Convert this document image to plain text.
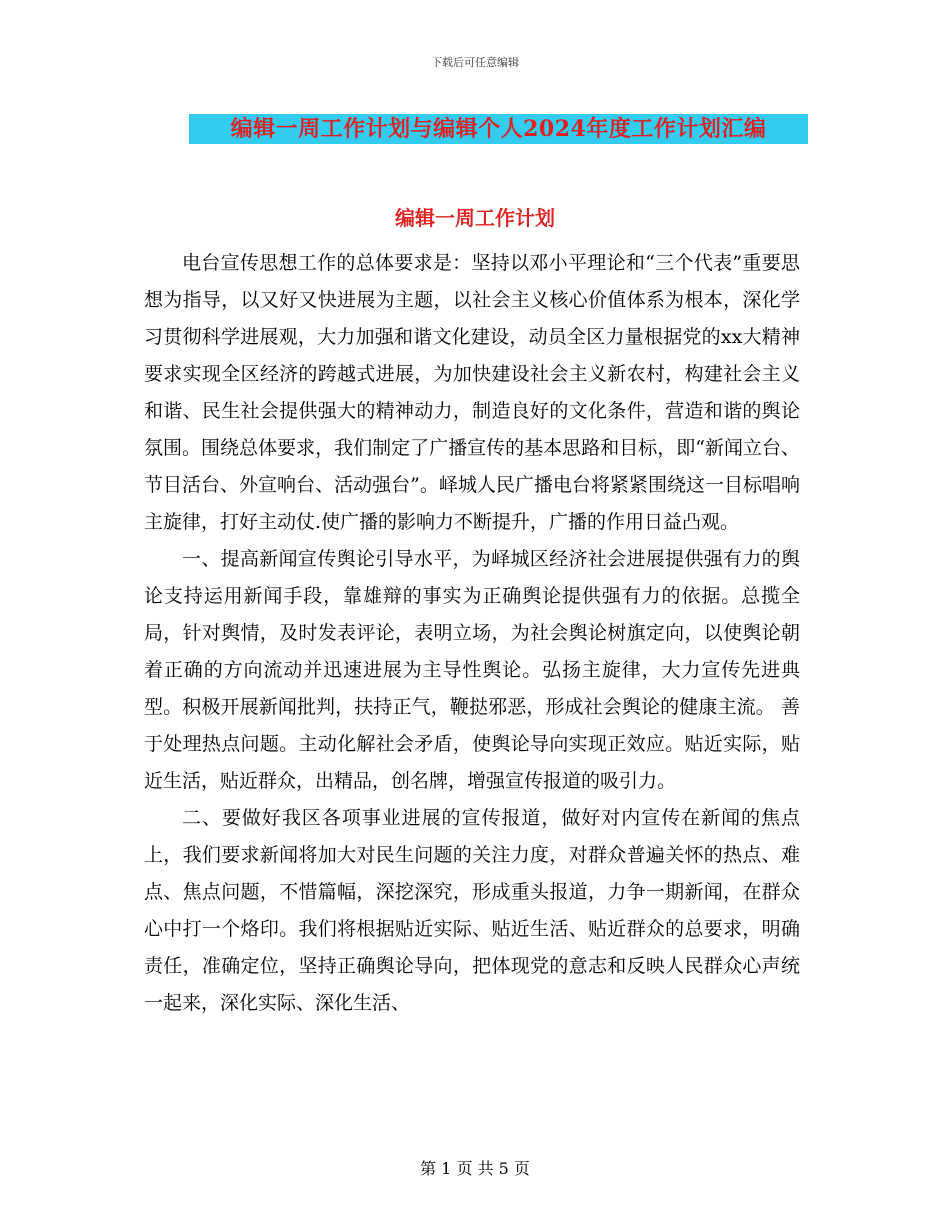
下载后可任意编辑
编辑一周工作计划与编辑个人2024年度工作计划汇编
编辑一周工作计划

电台宣传思想工作的总体要求是：坚持以邓小平理论和“三个代表”重要思想为指导，以又好又快进展为主题，以社会主义核心价值体系为根本，深化学习贯彻科学进展观，大力加强和谐文化建设，动员全区力量根据党的xx大精神要求实现全区经济的跨越式进展，为加快建设社会主义新农村，构建社会主义和谐、民生社会提供强大的精神动力，制造良好的文化条件，营造和谐的舆论氛围。围绕总体要求，我们制定了广播宣传的基本思路和目标，即“新闻立台、节目活台、外宣响台、活动强台”。峄城人民广播电台将紧紧围绕这一目标唱响主旋律，打好主动仗.使广播的影响力不断提升，广播的作用日益凸观。

一、提高新闻宣传舆论引导水平，为峄城区经济社会进展提供强有力的舆论支持运用新闻手段，靠雄辩的事实为正确舆论提供强有力的依据。总揽全局，针对舆情，及时发表评论，表明立场，为社会舆论树旗定向，以使舆论朝着正确的方向流动并迅速进展为主导性舆论。弘扬主旋律，大力宣传先进典型。积极开展新闻批判，扶持正气，鞭挞邪恶，形成社会舆论的健康主流。 善于处理热点问题。主动化解社会矛盾，使舆论导向实现正效应。贴近实际，贴近生活，贴近群众，出精品，创名牌，增强宣传报道的吸引力。

二、要做好我区各项事业进展的宣传报道，做好对内宣传在新闻的焦点上，我们要求新闻将加大对民生问题的关注力度，对群众普遍关怀的热点、难点、焦点问题，不惜篇幅，深挖深究，形成重头报道，力争一期新闻，在群众心中打一个烙印。我们将根据贴近实际、贴近生活、贴近群众的总要求，明确责任，准确定位，坚持正确舆论导向，把体现党的意志和反映人民群众心声统一起来，深化实际、深化生活、

第 1 页 共 5 页
